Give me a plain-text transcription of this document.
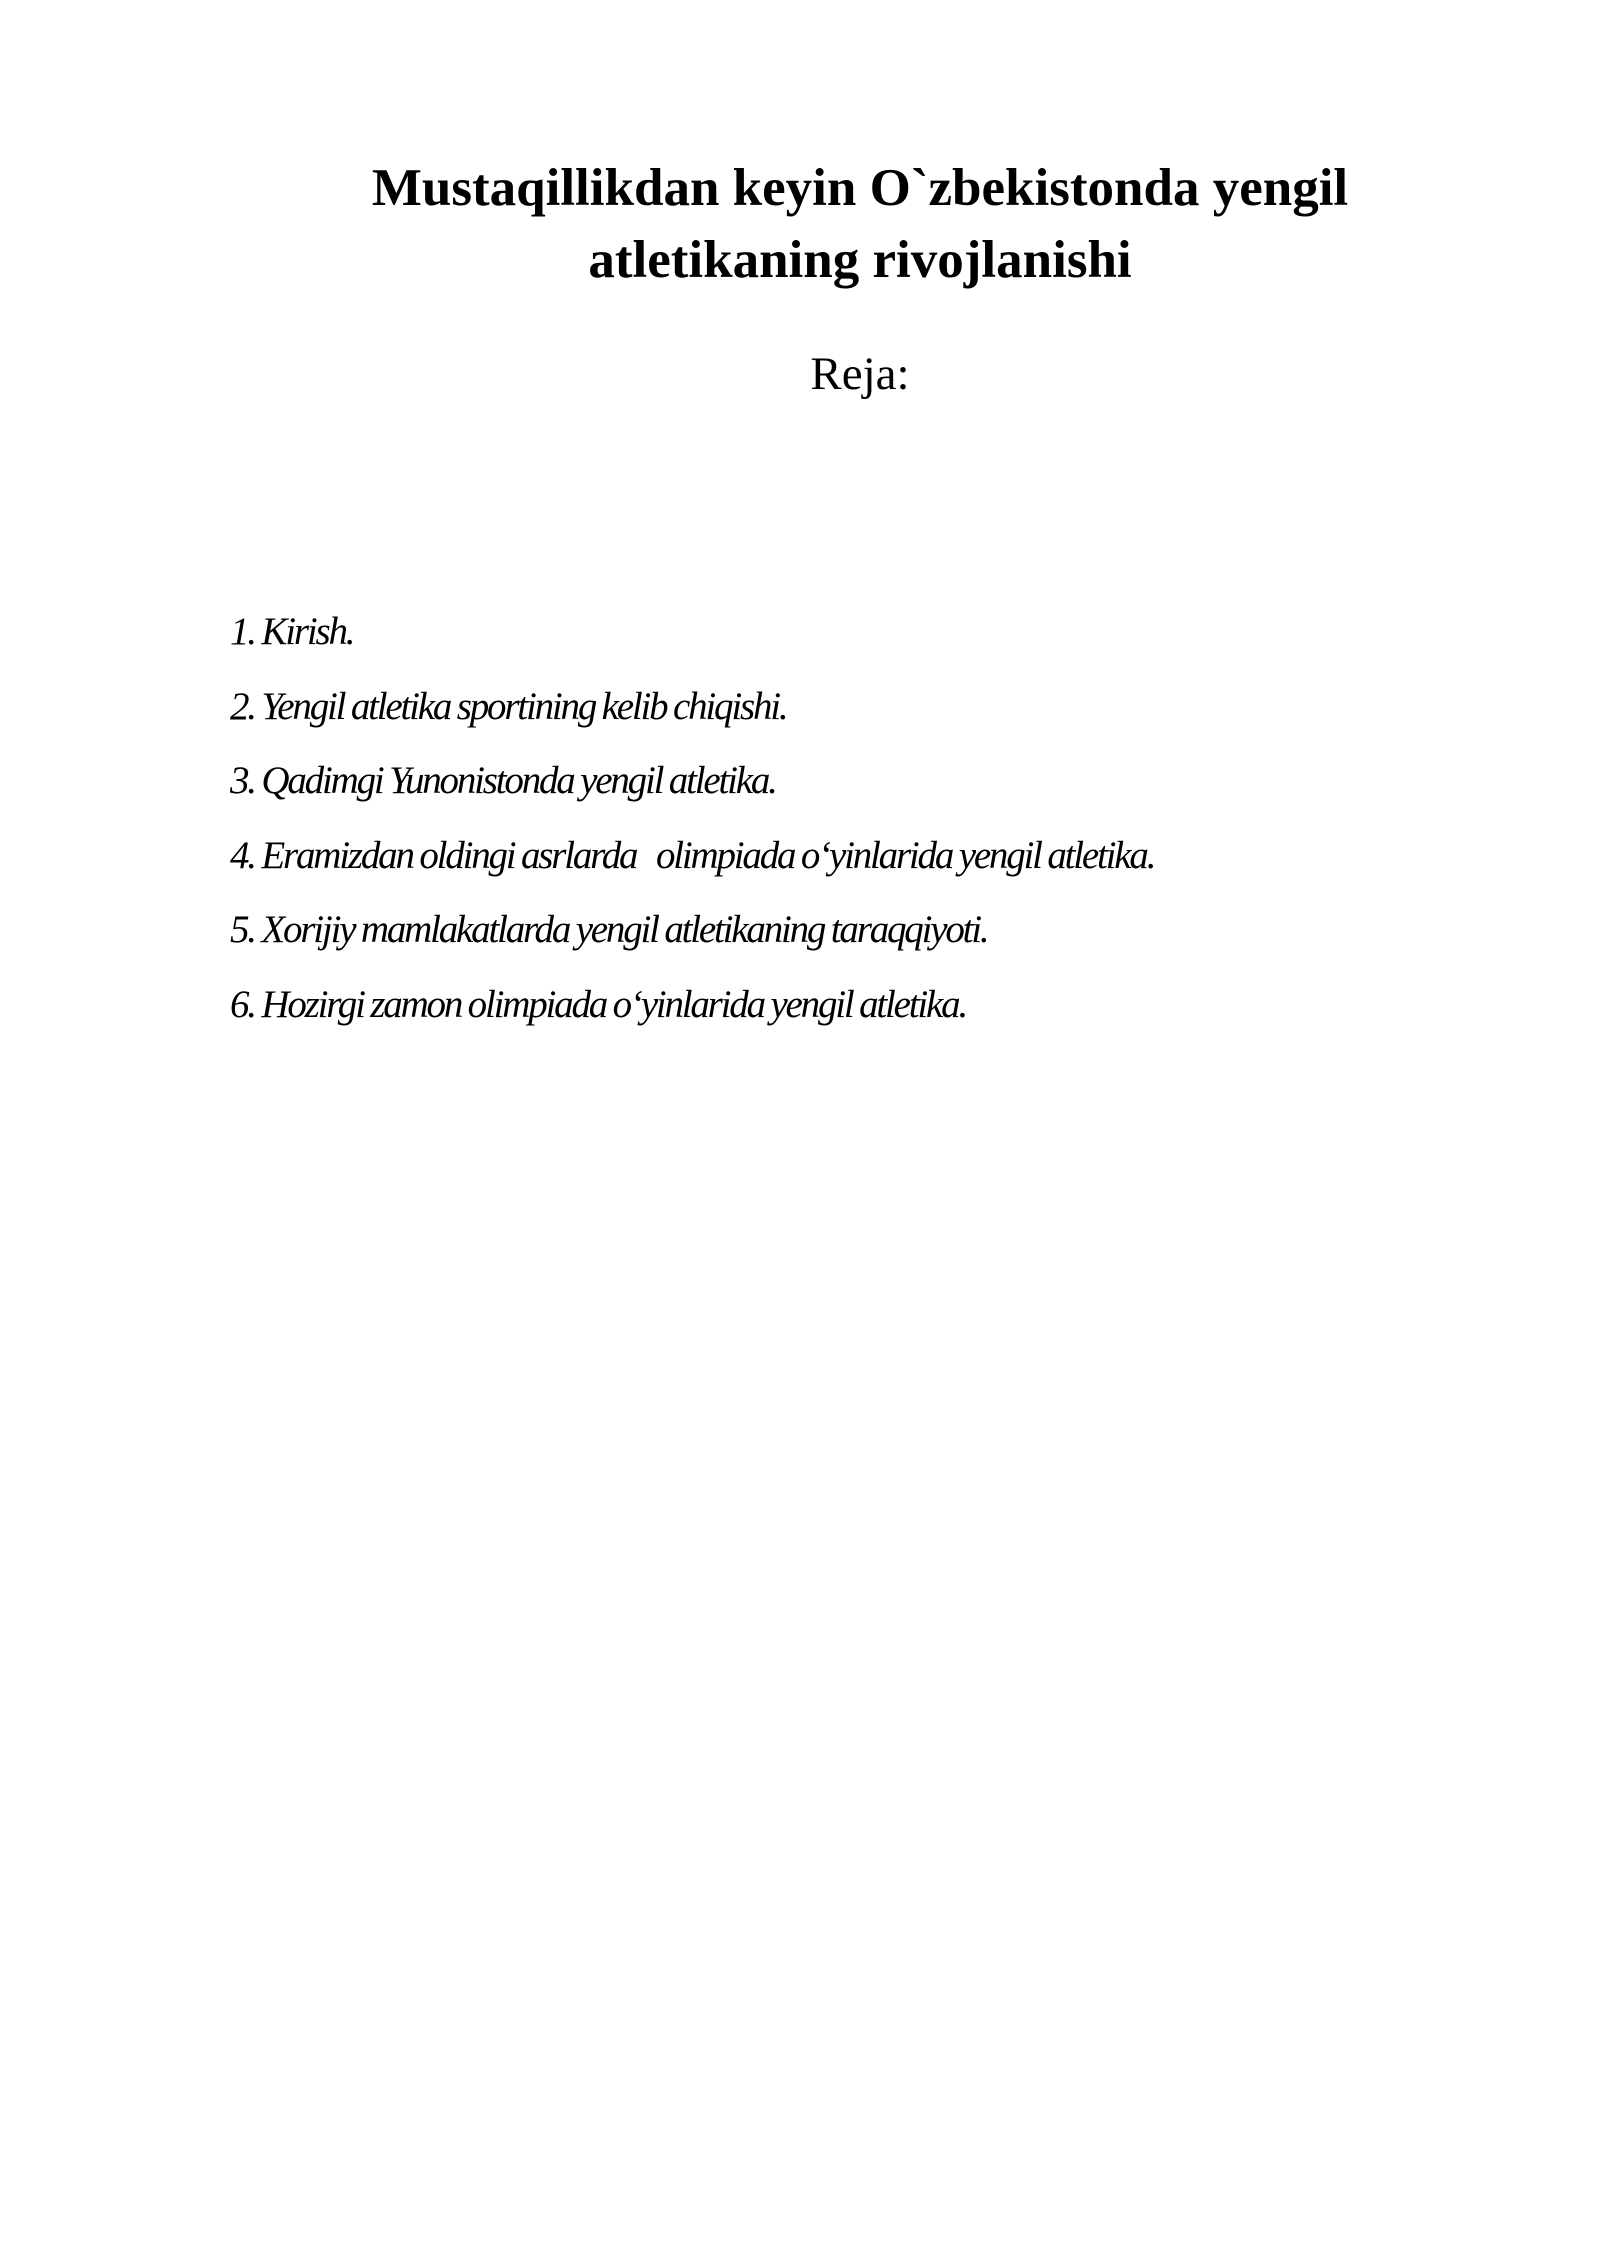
Mustaqillikdan keyin O`zbekistonda yengil atletikaning rivojlanishi
Reja:
1. Kirish.
2. Yengil atletika sportining kelib chiqishi.
3. Qadimgi Yunonistonda yengil atletika.
4. Eramizdan oldingi asrlarda   olimpiada o‘yinlarida yengil atletika.
5. Xorijiy mamlakatlarda yengil atletikaning taraqqiyoti.
6. Hozirgi zamon olimpiada o‘yinlarida yengil atletika.
